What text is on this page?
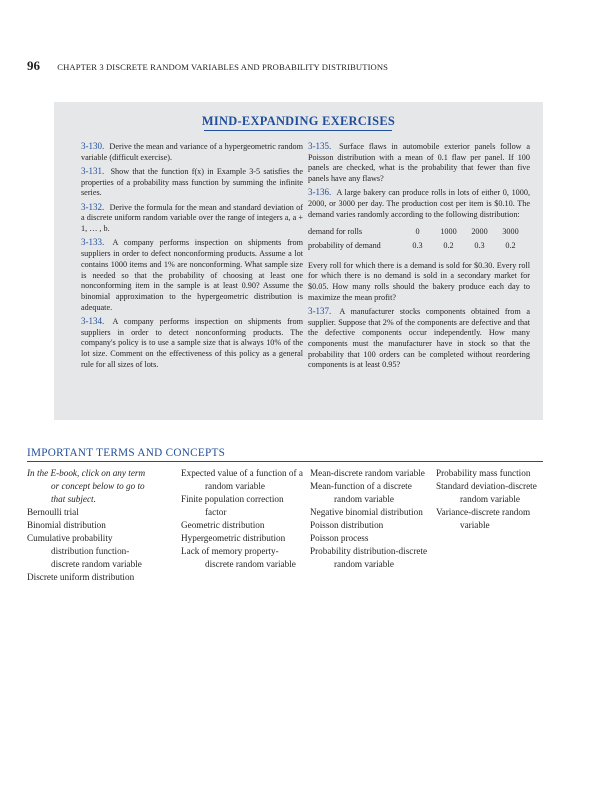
96 CHAPTER 3 DISCRETE RANDOM VARIABLES AND PROBABILITY DISTRIBUTIONS
MIND-EXPANDING EXERCISES

3-130. Derive the mean and variance of a hypergeometric random variable (difficult exercise).

3-131. Show that the function f(x) in Example 3-5 satisfies the properties of a probability mass function by summing the infinite series.

3-132. Derive the formula for the mean and standard deviation of a discrete uniform random variable over the range of integers a, a + 1, … , b.

3-133. A company performs inspection on shipments from suppliers in order to defect nonconforming products. Assume a lot contains 1000 items and 1% are nonconforming. What sample size is needed so that the probability of choosing at least one nonconforming item in the sample is at least 0.90? Assume the binomial approximation to the hypergeometric distribution is adequate.

3-134. A company performs inspection on shipments from suppliers in order to detect nonconforming products. The company's policy is to use a sample size that is always 10% of the lot size. Comment on the effectiveness of this policy as a general rule for all sizes of lots.

3-135. Surface flaws in automobile exterior panels follow a Poisson distribution with a mean of 0.1 flaw per panel. If 100 panels are checked, what is the probability that fewer than five panels have any flaws?

3-136. A large bakery can produce rolls in lots of either 0, 1000, 2000, or 3000 per day. The production cost per item is $0.10. The demand varies randomly according to the following distribution:

demand for rolls	0	1000	2000	3000
probability of demand	0.3	0.2	0.3	0.2

Every roll for which there is a demand is sold for $0.30. Every roll for which there is no demand is sold in a secondary market for $0.05. How many rolls should the bakery produce each day to maximize the mean profit?

3-137. A manufacturer stocks components obtained from a supplier. Suppose that 2% of the components are defective and that the defective components occur independently. How many components must the manufacturer have in stock so that the probability that 100 orders can be completed without reordering components is at least 0.95?

IMPORTANT TERMS AND CONCEPTS
In the E-book, click on any term or concept below to go to that subject.
Bernoulli trial
Binomial distribution
Cumulative probability distribution function-discrete random variable
Discrete uniform distribution
Expected value of a function of a random variable
Finite population correction factor
Geometric distribution
Hypergeometric distribution
Lack of memory property-discrete random variable
Mean-discrete random variable
Mean-function of a discrete random variable
Negative binomial distribution
Poisson distribution
Poisson process
Probability distribution-discrete random variable
Probability mass function
Standard deviation-discrete random variable
Variance-discrete random variable
